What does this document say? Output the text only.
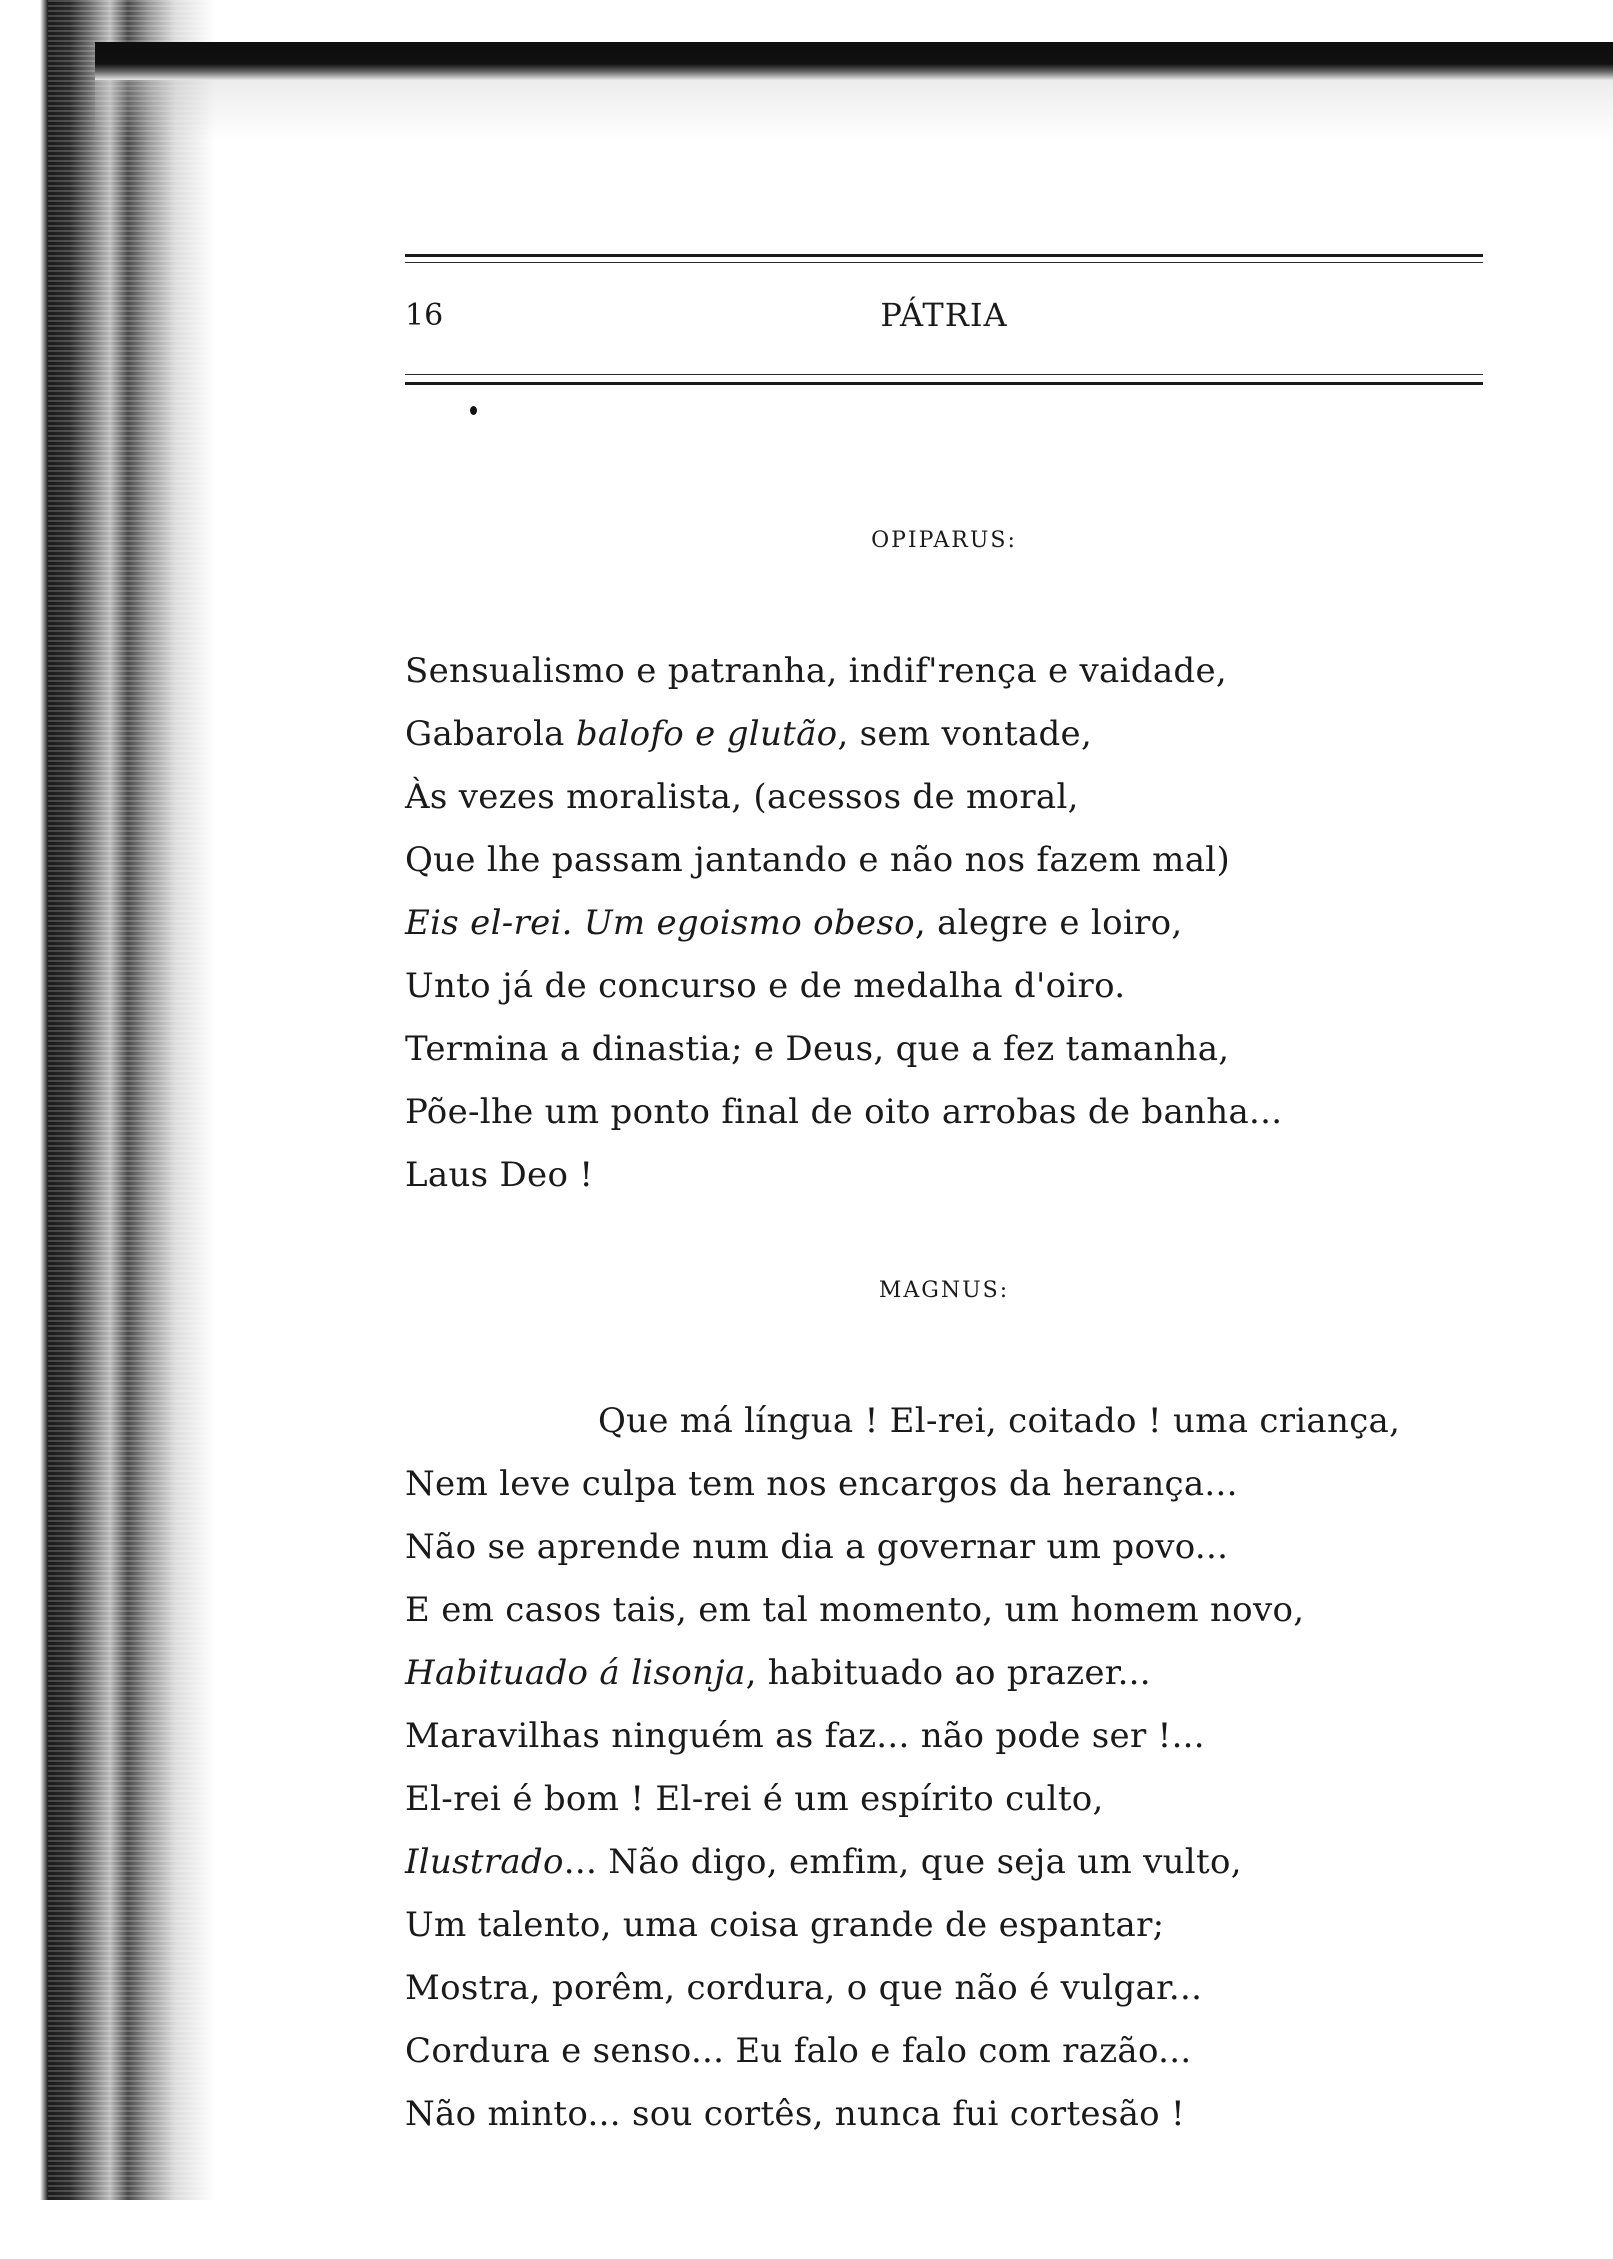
16	PÁTRIA
OPIPARUS:
Sensualismo e patranha, indif'rença e vaidade,
Gabarola balofo e glutão, sem vontade,
Às vezes moralista, (acessos de moral,
Que lhe passam jantando e não nos fazem mal)
Eis el-rei. Um egoismo obeso, alegre e loiro,
Unto já de concurso e de medalha d'oiro.
Termina a dinastia; e Deus, que a fez tamanha,
Põe-lhe um ponto final de oito arrobas de banha...
Laus Deo !
MAGNUS:
Que má língua ! El-rei, coitado ! uma criança,
Nem leve culpa tem nos encargos da herança...
Não se aprende num dia a governar um povo...
E em casos tais, em tal momento, um homem novo,
Habituado á lisonja, habituado ao prazer...
Maravilhas ninguém as faz... não pode ser !...
El-rei é bom ! El-rei é um espírito culto,
Ilustrado... Não digo, emfim, que seja um vulto,
Um talento, uma coisa grande de espantar;
Mostra, porêm, cordura, o que não é vulgar...
Cordura e senso... Eu falo e falo com razão...
Não minto... sou cortês, nunca fui cortesão !
